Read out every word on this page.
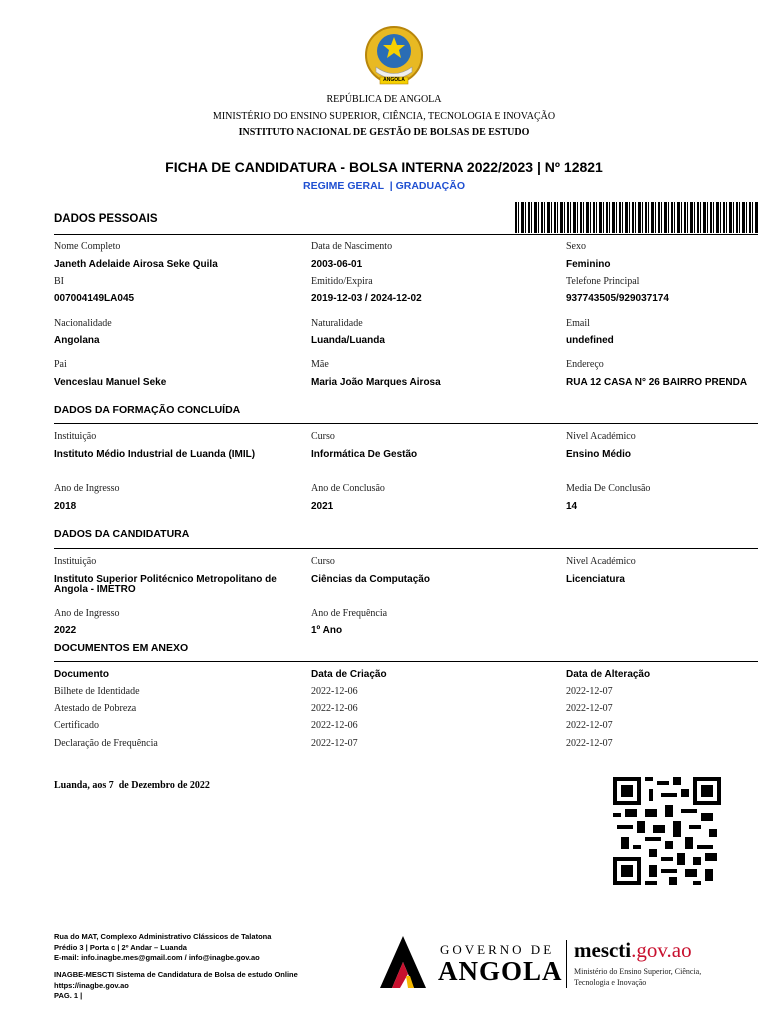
ANGOLA
REPÚBLICA DE ANGOLA
MINISTÉRIO DO ENSINO SUPERIOR, CIÊNCIA, TECNOLOGIA E INOVAÇÃO
INSTITUTO NACIONAL DE GESTÃO DE BOLSAS DE ESTUDO
FICHA DE CANDIDATURA - BOLSA INTERNA 2022/2023 | Nº 12821
REGIME GERAL  | GRADUAÇÃO
DADOS PESSOAIS
Nome Completo
Janeth Adelaide Airosa Seke Quila
Data de Nascimento
2003-06-01
Sexo
Feminino
BI
007004149LA045
Emitido/Expira
2019-12-03 / 2024-12-02
Telefone Principal
937743505/929037174
Nacionalidade
Angolana
Naturalidade
Luanda/Luanda
Email
undefined
Pai
Venceslau Manuel Seke
Mãe
Maria João Marques Airosa
Endereço
RUA 12 CASA N° 26 BAIRRO PRENDA
DADOS DA FORMAÇÃO CONCLUÍDA
Instituição
Instituto Médio Industrial de Luanda (IMIL)
Curso
Informática De Gestão
Nivel Académico
Ensino Médio
Ano de Ingresso
2018
Ano de Conclusão
2021
Media De Conclusão
14
DADOS DA CANDIDATURA
Instituição
Instituto Superior Politécnico Metropolitano de
Angola - IMETRO
Curso
Ciências da Computação
Nivel Académico
Licenciatura
Ano de Ingresso
2022
Ano de Frequência
1º Ano
DOCUMENTOS EM ANEXO
Documento	Data de Criação	Data de Alteração
Bilhete de Identidade	2022-12-06	2022-12-07
Atestado de Pobreza	2022-12-06	2022-12-07
Certificado	2022-12-06	2022-12-07
Declaração de Frequência	2022-12-07	2022-12-07
Luanda, aos 7  de Dezembro de 2022
Rua do MAT, Complexo Administrativo Clássicos de Talatona
Prédio 3 | Porta c | 2º Andar – Luanda
E-mail: info.inagbe.mes@gmail.com / info@inagbe.gov.ao
INAGBE-MESCTI Sistema de Candidatura de Bolsa de estudo Online
https://inagbe.gov.ao
PAG. 1 |
GOVERNO DE
ANGOLA
mescti.gov.ao
Ministério do Ensino Superior, Ciência,
Tecnologia e Inovação
